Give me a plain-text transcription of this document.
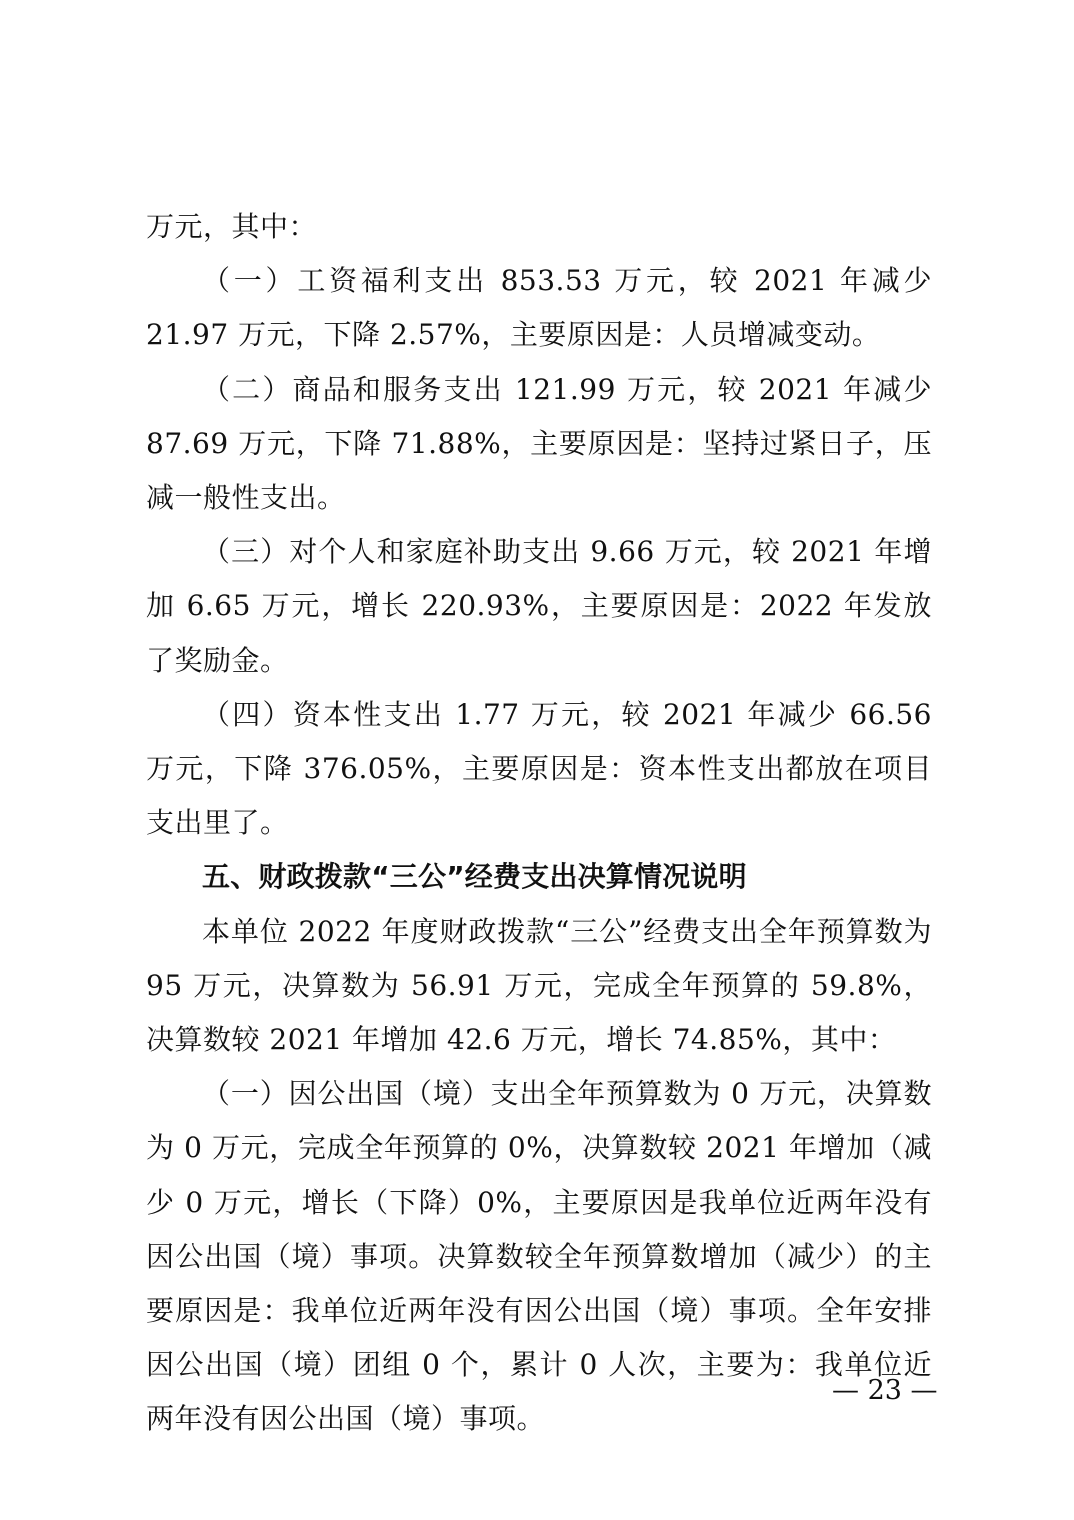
万元，其中：

（一）工资福利支出 853.53 万元，较 2021 年减少 21.97 万元，下降 2.57%，主要原因是：人员增减变动。

（二）商品和服务支出 121.99 万元，较 2021 年减少 87.69 万元，下降 71.88%，主要原因是：坚持过紧日子，压减一般性支出。

（三）对个人和家庭补助支出 9.66 万元，较 2021 年增加 6.65 万元，增长 220.93%，主要原因是：2022 年发放了奖励金。

（四）资本性支出 1.77 万元，较 2021 年减少 66.56 万元，下降 376.05%，主要原因是：资本性支出都放在项目支出里了。

五、财政拨款“三公”经费支出决算情况说明

本单位 2022 年度财政拨款“三公”经费支出全年预算数为 95 万元，决算数为 56.91 万元，完成全年预算的 59.8%，决算数较 2021 年增加 42.6 万元，增长 74.85%，其中：

（一）因公出国（境）支出全年预算数为 0 万元，决算数为 0 万元，完成全年预算的 0%，决算数较 2021 年增加（减少 0 万元，增长（下降）0%，主要原因是我单位近两年没有因公出国（境）事项。决算数较全年预算数增加（减少）的主要原因是：我单位近两年没有因公出国（境）事项。全年安排因公出国（境）团组 0 个，累计 0 人次，主要为：我单位近两年没有因公出国（境）事项。

— 23 —
